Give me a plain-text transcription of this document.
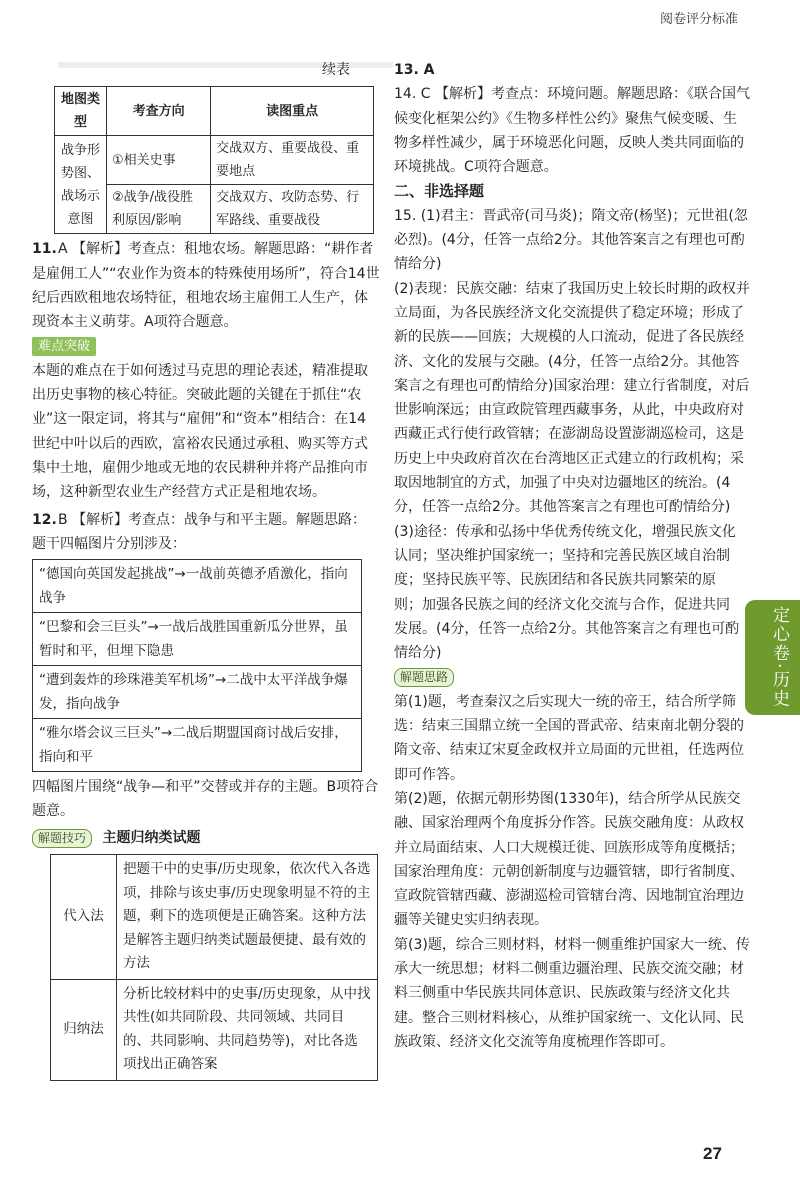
阅卷评分标准
续表
地图类型	考查方向	读图重点
战争形势图、战场示意图	①相关史事	交战双方、重要战役、重要地点
	②战争/战役胜利原因/影响	交战双方、攻防态势、行军路线、重要战役

11.A 【解析】考查点：租地农场。解题思路：“耕作者是雇佣工人”“农业作为资本的特殊使用场所”，符合14世纪后西欧租地农场特征，租地农场主雇佣工人生产，体现资本主义萌芽。A项符合题意。

难点突破

本题的难点在于如何透过马克思的理论表述，精准提取出历史事物的核心特征。突破此题的关键在于抓住“农业”这一限定词，将其与“雇佣”和“资本”相结合：在14世纪中叶以后的西欧，富裕农民通过承租、购买等方式集中土地，雇佣少地或无地的农民耕种并将产品推向市场，这种新型农业生产经营方式正是租地农场。

12.B 【解析】考查点：战争与和平主题。解题思路：题干四幅图片分别涉及：

“德国向英国发起挑战”→一战前英德矛盾激化，指向战争
“巴黎和会三巨头”→一战后战胜国重新瓜分世界，虽暂时和平，但埋下隐患
“遭到轰炸的珍珠港美军机场”→二战中太平洋战争爆发，指向战争
“雅尔塔会议三巨头”→二战后期盟国商讨战后安排，指向和平

四幅图片围绕“战争—和平”交替或并存的主题。B项符合题意。

解题技巧 主题归纳类试题
代入法	把题干中的史事/历史现象，依次代入各选项，排除与该史事/历史现象明显不符的主题，剩下的选项便是正确答案。这种方法是解答主题归纳类试题最便捷、最有效的方法
归纳法	分析比较材料中的史事/历史现象，从中找共性(如共同阶段、共同领域、共同目的、共同影响、共同趋势等)，对比各选项找出正确答案

13. A

14. C 【解析】考查点：环境问题。解题思路：《联合国气候变化框架公约》《生物多样性公约》聚焦气候变暖、生物多样性减少，属于环境恶化问题，反映人类共同面临的环境挑战。C项符合题意。

二、非选择题

15. (1)君主：晋武帝(司马炎)；隋文帝(杨坚)；元世祖(忽必烈)。(4分，任答一点给2分。其他答案言之有理也可酌情给分)

(2)表现：民族交融：结束了我国历史上较长时期的政权并立局面，为各民族经济文化交流提供了稳定环境；形成了新的民族——回族；大规模的人口流动，促进了各民族经济、文化的发展与交融。(4分，任答一点给2分。其他答案言之有理也可酌情给分)国家治理：建立行省制度，对后世影响深远；由宣政院管理西藏事务，从此，中央政府对西藏正式行使行政管辖；在澎湖岛设置澎湖巡检司，这是历史上中央政府首次在台湾地区正式建立的行政机构；采取因地制宜的方式，加强了中央对边疆地区的统治。(4分，任答一点给2分。其他答案言之有理也可酌情给分)

(3)途径：传承和弘扬中华优秀传统文化，增强民族文化认同；坚决维护国家统一；坚持和完善民族区域自治制度；坚持民族平等、民族团结和各民族共同繁荣的原则；加强各民族之间的经济文化交流与合作，促进共同发展。(4分，任答一点给2分。其他答案言之有理也可酌情给分)

解题思路

第(1)题，考查秦汉之后实现大一统的帝王，结合所学筛选：结束三国鼎立统一全国的晋武帝、结束南北朝分裂的隋文帝、结束辽宋夏金政权并立局面的元世祖，任选两位即可作答。

第(2)题，依据元朝形势图(1330年)，结合所学从民族交融、国家治理两个角度拆分作答。民族交融角度：从政权并立局面结束、人口大规模迁徙、回族形成等角度概括；国家治理角度：元朝创新制度与边疆管辖，即行省制度、宣政院管辖西藏、澎湖巡检司管辖台湾、因地制宜治理边疆等关键史实归纳表现。

第(3)题，综合三则材料，材料一侧重维护国家大一统、传承大一统思想；材料二侧重边疆治理、民族交流交融；材料三侧重中华民族共同体意识、民族政策与经济文化共建。整合三则材料核心，从维护国家统一、文化认同、民族政策、经济文化交流等角度梳理作答即可。

定心卷·历史
27
